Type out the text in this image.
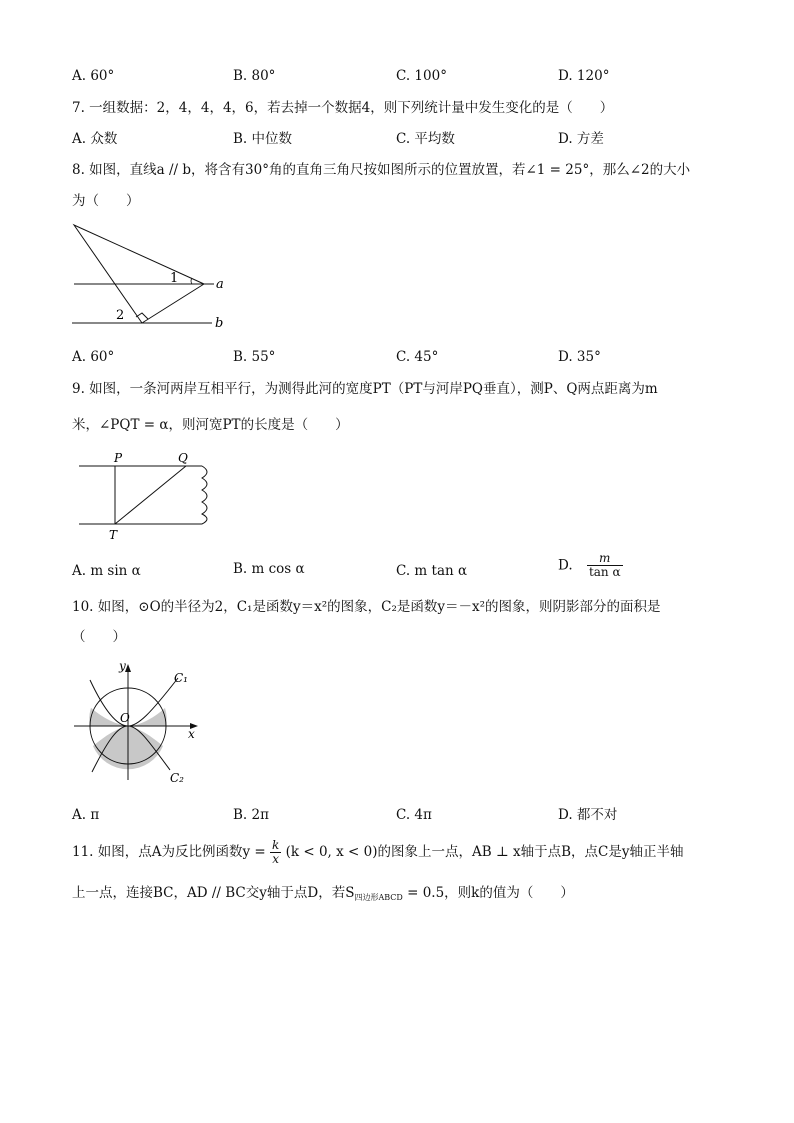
A. 60°	B. 80°	C. 100°	D. 120°
7. 一组数据：2，4，4，4，6，若去掉一个数据4，则下列统计量中发生变化的是（　　）
A. 众数	B. 中位数	C. 平均数	D. 方差
8. 如图，直线a // b，将含有30°角的直角三角尺按如图所示的位置放置，若∠1 = 25°，那么∠2的大小
为（　　）
1
2
a
b
A. 60°	B. 55°	C. 45°	D. 35°
9. 如图，一条河两岸互相平行，为测得此河的宽度PT（PT与河岸PQ垂直），测P、Q两点距离为m
米，∠PQT = α，则河宽PT的长度是（　　）
P	Q
T
A. m sin α	B. m cos α	C. m tan α	D. $\frac{m}{\text{tan α}}$
10. 如图，⊙O的半径为2，C₁是函数y＝x²的图象，C₂是函数y＝－x²的图象，则阴影部分的面积是
（　　）
y
x
O
C₁
C₂
A. π	B. 2π	C. 4π	D. 都不对
11. 如图，点A为反比例函数$y = \frac{k}{x} (k < 0$, x < 0)的图象上一点，AB ⊥ x轴于点B，点C是y轴正半轴
上一点，连接BC，AD // BC交y轴于点D，若$S_{四边形ABCD} = 0.5$，则k的值为（　　）
